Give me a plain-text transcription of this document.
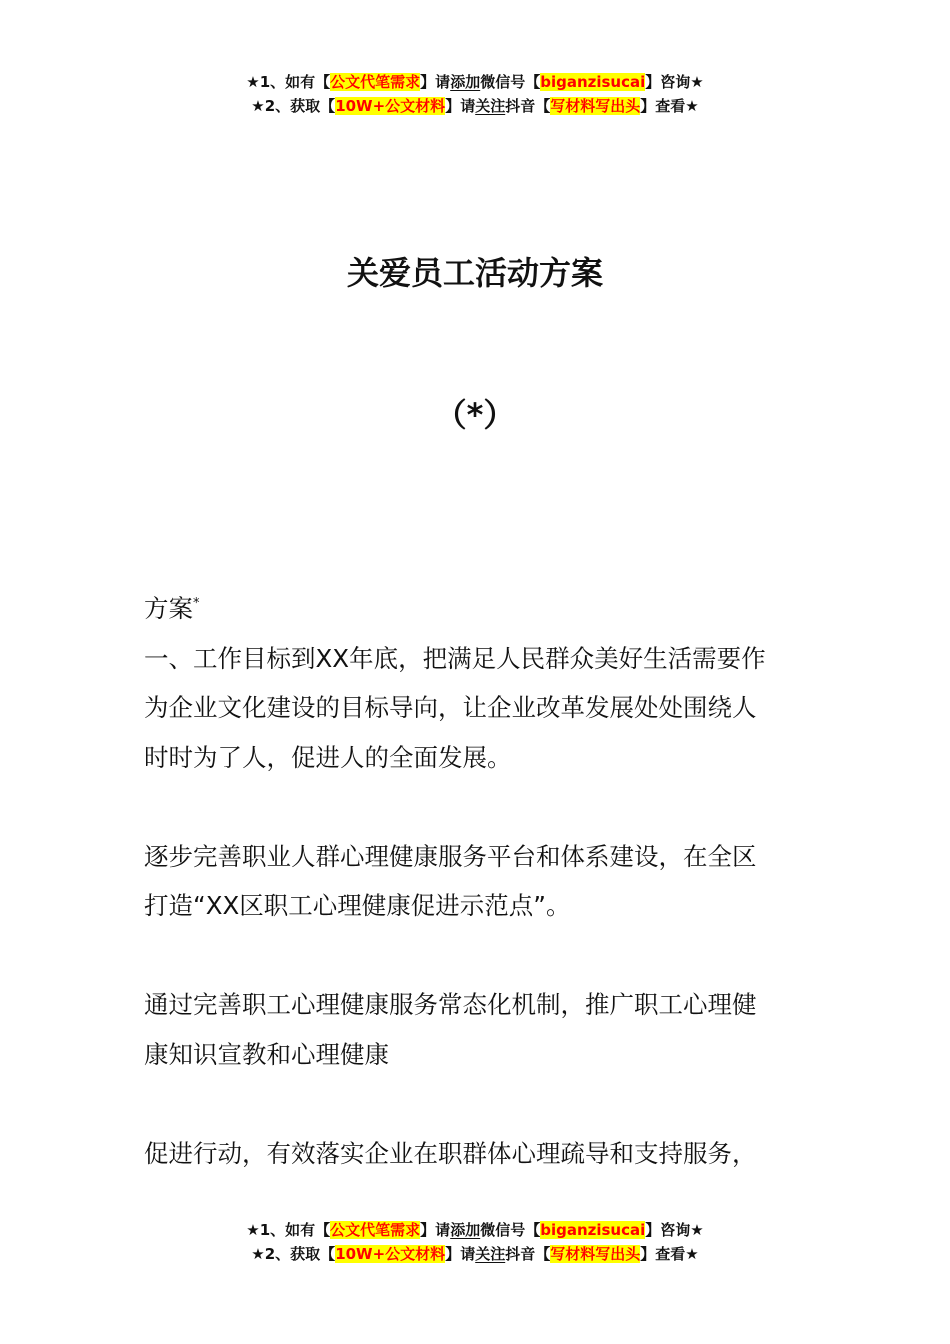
★1、如有【公文代笔需求】请添加微信号【biganzisucai】咨询★
★2、获取【10W+公文材料】请关注抖音【写材料写出头】查看★
关爱员工活动方案
（*）
方案*
一、工作目标到XX年底，把满足人民群众美好生活需要作
为企业文化建设的目标导向，让企业改革发展处处围绕人
时时为了人，促进人的全面发展。
逐步完善职业人群心理健康服务平台和体系建设，在全区
打造“XX区职工心理健康促进示范点”。
通过完善职工心理健康服务常态化机制，推广职工心理健
康知识宣教和心理健康
促进行动，有效落实企业在职群体心理疏导和支持服务，
★1、如有【公文代笔需求】请添加微信号【biganzisucai】咨询★
★2、获取【10W+公文材料】请关注抖音【写材料写出头】查看★
